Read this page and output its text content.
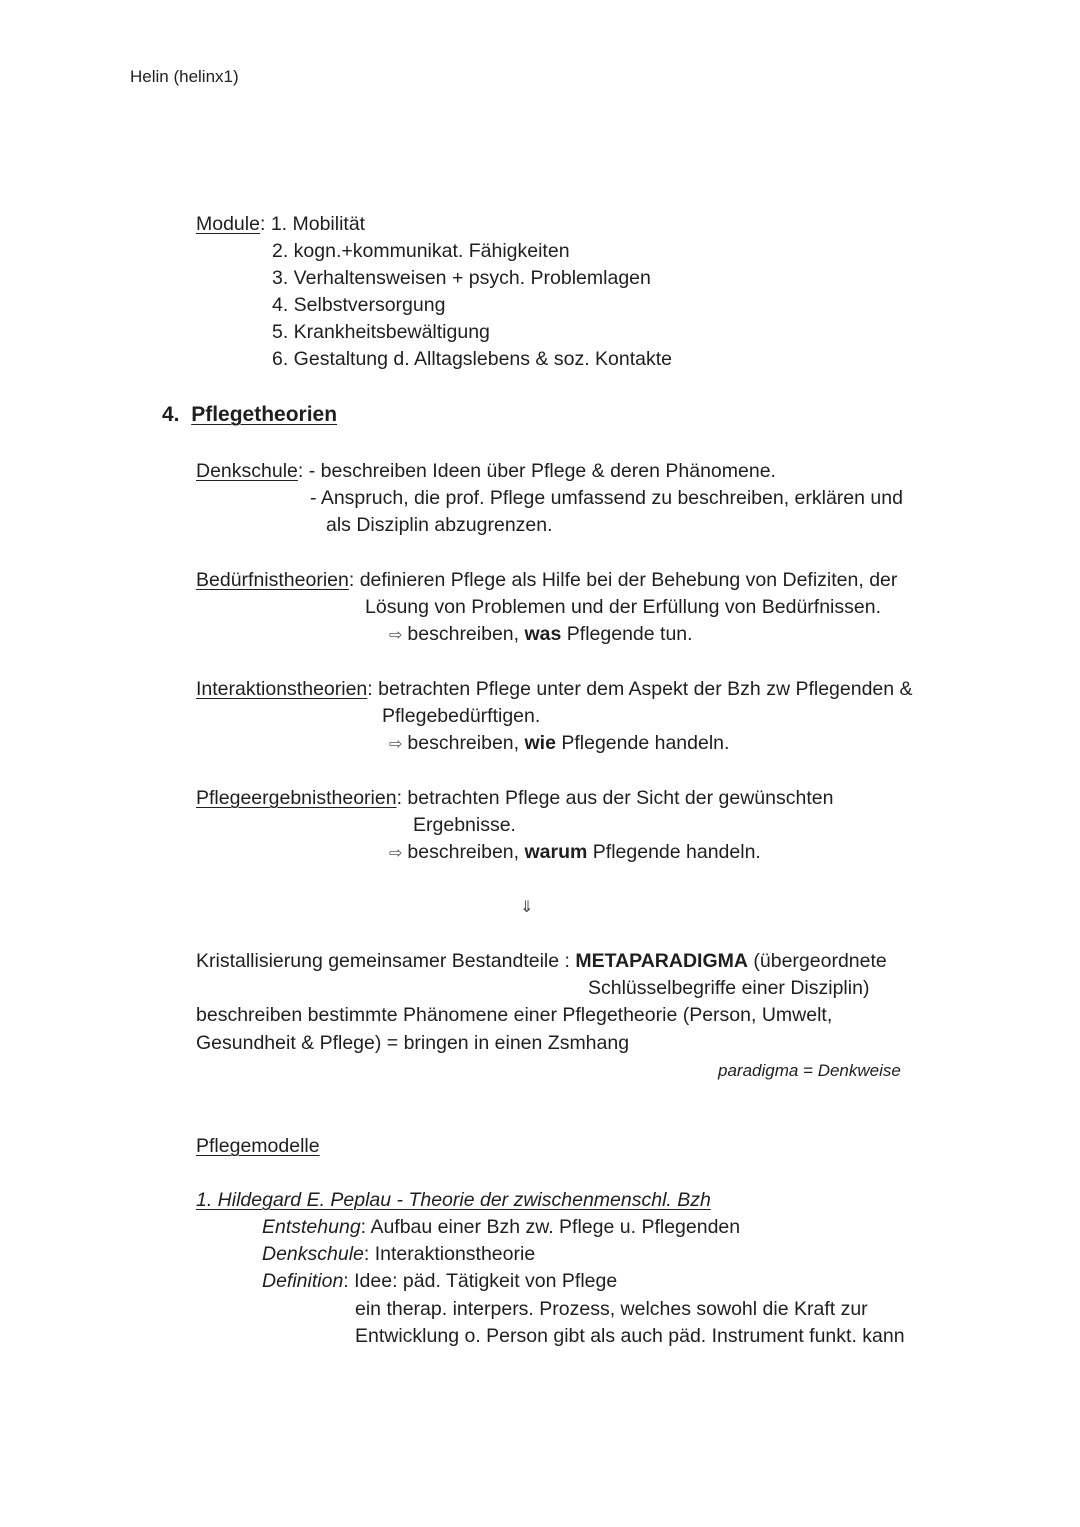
Helin (helinx1)
Module: 1. Mobilität
2. kogn.+kommunikat. Fähigkeiten
3. Verhaltensweisen + psych. Problemlagen
4. Selbstversorgung
5. Krankheitsbewältigung
6. Gestaltung d. Alltagslebens & soz. Kontakte
4. Pflegetheorien
Denkschule: - beschreiben Ideen über Pflege & deren Phänomene.
- Anspruch, die prof. Pflege umfassend zu beschreiben, erklären und
als Disziplin abzugrenzen.
Bedürfnistheorien: definieren Pflege als Hilfe bei der Behebung von Defiziten, der
Lösung von Problemen und der Erfüllung von Bedürfnissen.
⇨ beschreiben, was Pflegende tun.
Interaktionstheorien: betrachten Pflege unter dem Aspekt der Bzh zw Pflegenden &
Pflegebedürftigen.
⇨ beschreiben, wie Pflegende handeln.
Pflegeergebnistheorien: betrachten Pflege aus der Sicht der gewünschten
Ergebnisse.
⇨ beschreiben, warum Pflegende handeln.
⇓
Kristallisierung gemeinsamer Bestandteile : METAPARADIGMA (übergeordnete
Schlüsselbegriffe einer Disziplin)
beschreiben bestimmte Phänomene einer Pflegetheorie (Person, Umwelt,
Gesundheit & Pflege) = bringen in einen Zsmhang
paradigma = Denkweise
Pflegemodelle
1. Hildegard E. Peplau - Theorie der zwischenmenschl. Bzh
Entstehung: Aufbau einer Bzh zw. Pflege u. Pflegenden
Denkschule: Interaktionstheorie
Definition: Idee: päd. Tätigkeit von Pflege
ein therap. interpers. Prozess, welches sowohl die Kraft zur
Entwicklung o. Person gibt als auch päd. Instrument funkt. kann
